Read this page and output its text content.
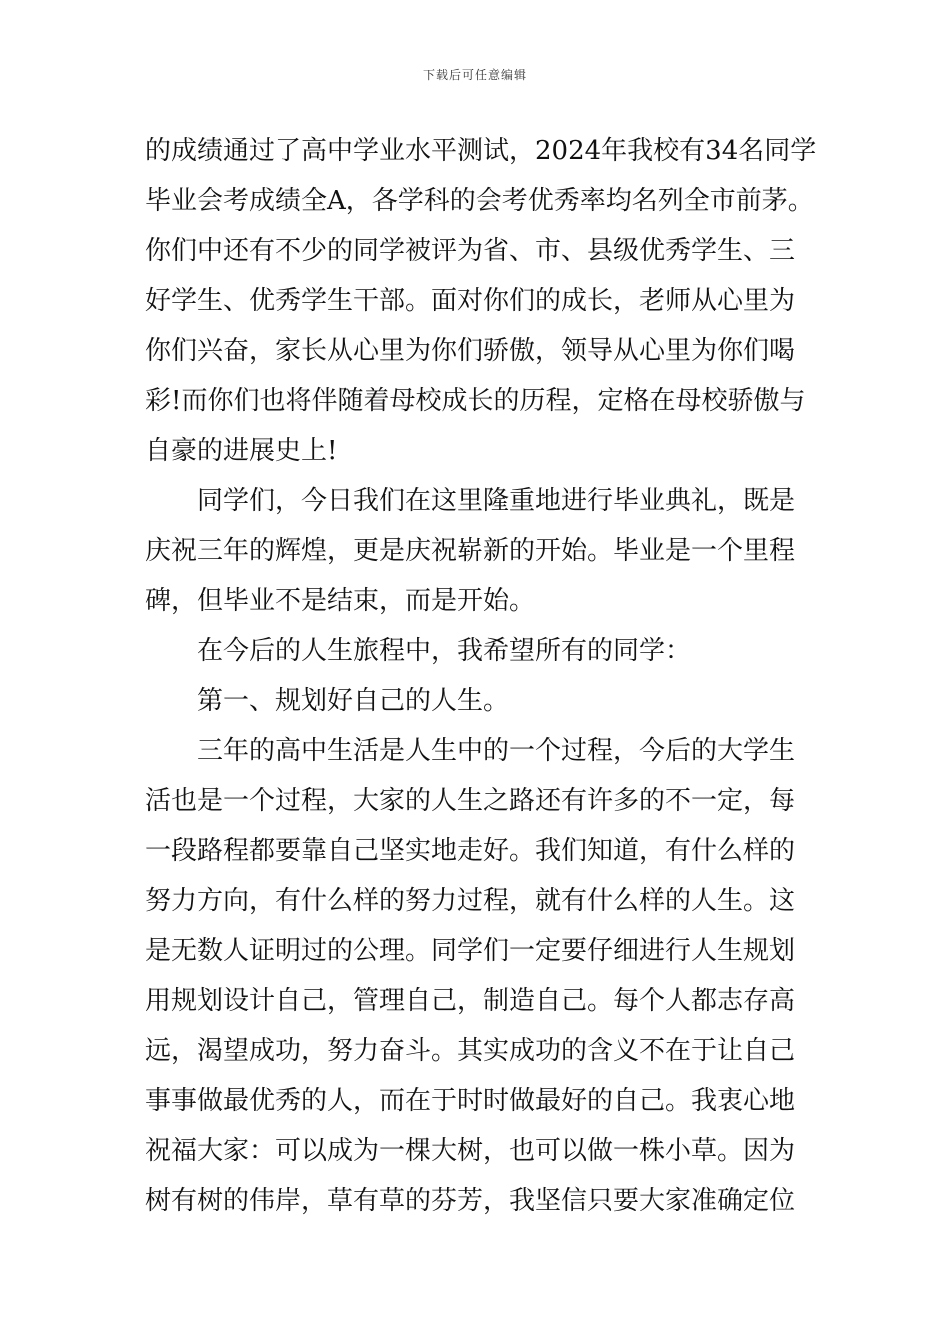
下载后可任意编辑
的成绩通过了高中学业水平测试，2024年我校有34名同学
毕业会考成绩全A，各学科的会考优秀率均名列全市前茅。
你们中还有不少的同学被评为省、市、县级优秀学生、三
好学生、优秀学生干部。面对你们的成长，老师从心里为
你们兴奋，家长从心里为你们骄傲，领导从心里为你们喝
彩!而你们也将伴随着母校成长的历程，定格在母校骄傲与
自豪的进展史上!
同学们，今日我们在这里隆重地进行毕业典礼，既是
庆祝三年的辉煌，更是庆祝崭新的开始。毕业是一个里程
碑，但毕业不是结束，而是开始。
在今后的人生旅程中，我希望所有的同学：
第一、规划好自己的人生。
三年的高中生活是人生中的一个过程，今后的大学生
活也是一个过程，大家的人生之路还有许多的不一定，每
一段路程都要靠自己坚实地走好。我们知道，有什么样的
努力方向，有什么样的努力过程，就有什么样的人生。这
是无数人证明过的公理。同学们一定要仔细进行人生规划
用规划设计自己，管理自己，制造自己。每个人都志存高
远，渴望成功，努力奋斗。其实成功的含义不在于让自己
事事做最优秀的人，而在于时时做最好的自己。我衷心地
祝福大家：可以成为一棵大树，也可以做一株小草。因为
树有树的伟岸，草有草的芬芳，我坚信只要大家准确定位
